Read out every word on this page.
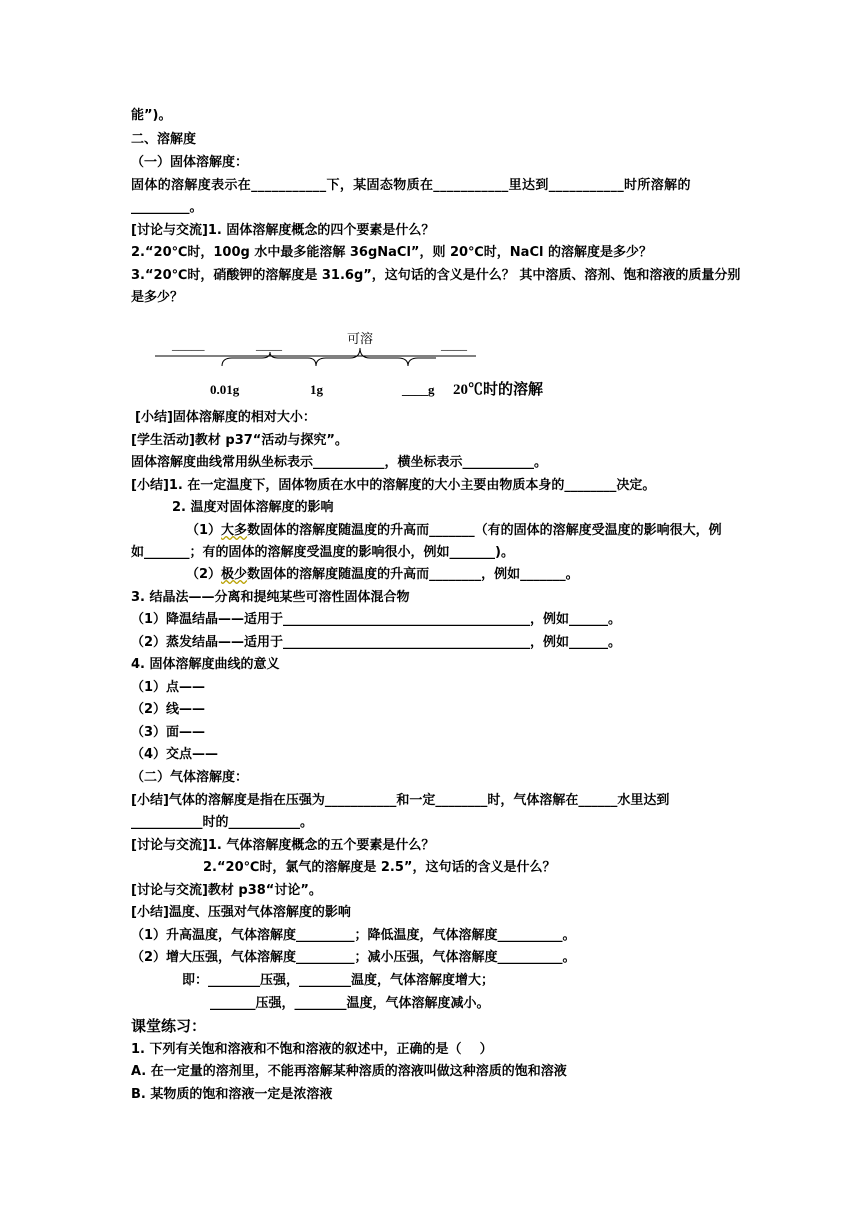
能”)。
二、溶解度
（一）固体溶解度：
固体的溶解度表示在___________下，某固态物质在___________里达到___________时所溶解的
_________。
[讨论与交流]1. 固体溶解度概念的四个要素是什么？
2.“20℃时，100g 水中最多能溶解 36gNaCl”，则 20℃时，NaCl 的溶解度是多少？
3.“20℃时，硝酸钾的溶解度是 31.6g”，这句话的含义是什么？ 其中溶质、溶剂、饱和溶液的质量分别
是多少？
_____	____	____
可溶
0.01g	1g	____g 20℃时的溶解
[小结]固体溶解度的相对大小：
[学生活动]教材 p37“活动与探究”。
固体溶解度曲线常用纵坐标表示___________，横坐标表示___________。
[小结]1. 在一定温度下，固体物质在水中的溶解度的大小主要由物质本身的________决定。
2. 温度对固体溶解度的影响
（1）大多数固体的溶解度随温度的升高而_______（有的固体的溶解度受温度的影响很大，例
如_______；有的固体的溶解度受温度的影响很小，例如_______)。
（2）极少数固体的溶解度随温度的升高而________，例如_______。
3. 结晶法——分离和提纯某些可溶性固体混合物
（1）降温结晶——适用于______________________________________，例如______。
（2）蒸发结晶——适用于______________________________________，例如______。
4. 固体溶解度曲线的意义
（1）点——
（2）线——
（3）面——
（4）交点——
（二）气体溶解度：
[小结]气体的溶解度是指在压强为___________和一定________时，气体溶解在______水里达到
___________时的___________。
[讨论与交流]1. 气体溶解度概念的五个要素是什么？
2.“20℃时，氯气的溶解度是 2.5”，这句话的含义是什么？
[讨论与交流]教材 p38“讨论”。
[小结]温度、压强对气体溶解度的影响
（1）升高温度，气体溶解度_________；降低温度，气体溶解度__________。
（2）增大压强，气体溶解度_________；减小压强，气体溶解度__________。
即：________压强，________温度，气体溶解度增大；
_______压强，________温度，气体溶解度减小。
课堂练习：
1. 下列有关饱和溶液和不饱和溶液的叙述中，正确的是（    ）
A. 在一定量的溶剂里，不能再溶解某种溶质的溶液叫做这种溶质的饱和溶液
B. 某物质的饱和溶液一定是浓溶液
